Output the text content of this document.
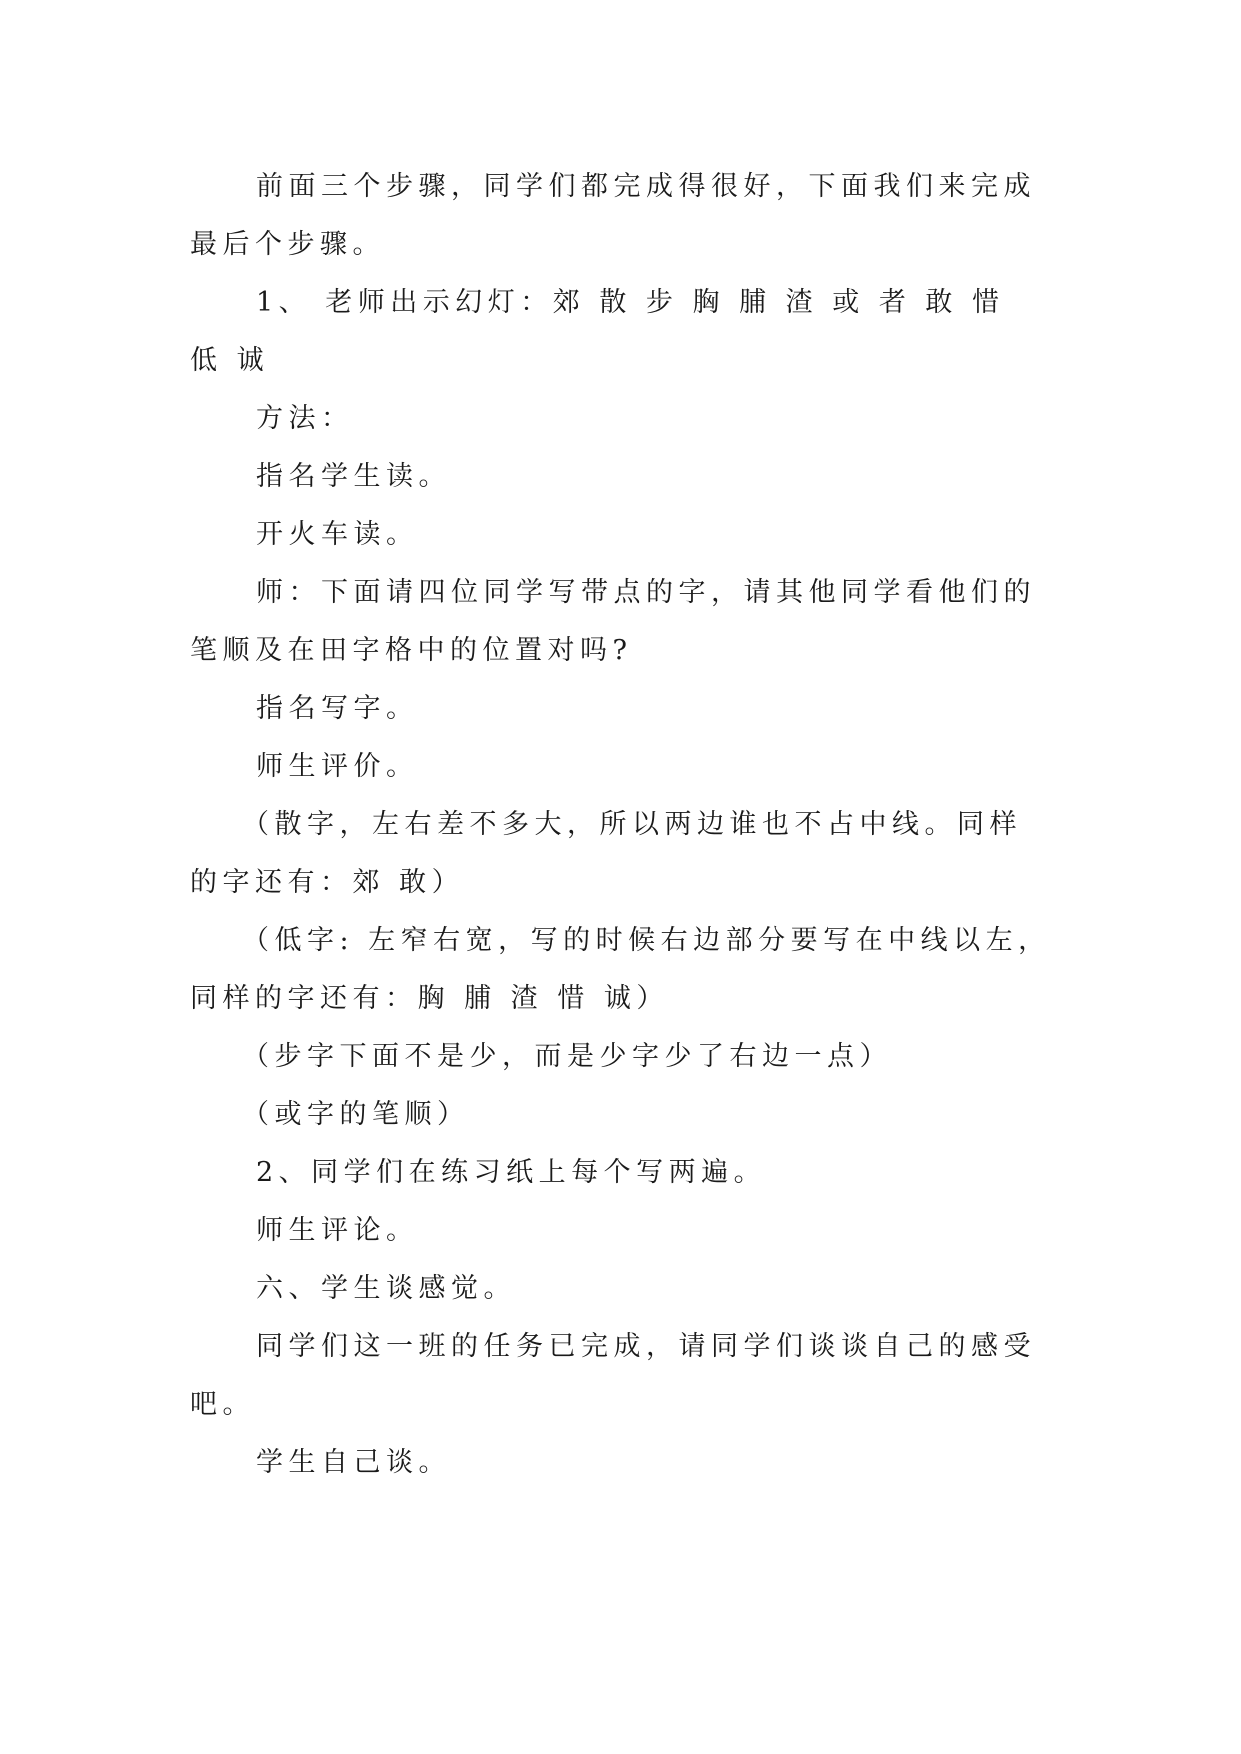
前面三个步骤，同学们都完成得很好，下面我们来完成
最后个步骤。

1、 老师出示幻灯：郊 散 步 胸 脯 渣 或 者 敢 惜
低 诚

方法：

指名学生读。

开火车读。

师：下面请四位同学写带点的字，请其他同学看他们的
笔顺及在田字格中的位置对吗?

指名写字。

师生评价。

（散字，左右差不多大，所以两边谁也不占中线。同样
的字还有：郊 敢）

（低字: 左窄右宽，写的时候右边部分要写在中线以左，
同样的字还有：胸 脯 渣 惜 诚）

（步字下面不是少，而是少字少了右边一点）

（或字的笔顺）

2、同学们在练习纸上每个写两遍。

师生评论。

六、学生谈感觉。

同学们这一班的任务已完成，请同学们谈谈自己的感受
吧。

学生自己谈。
